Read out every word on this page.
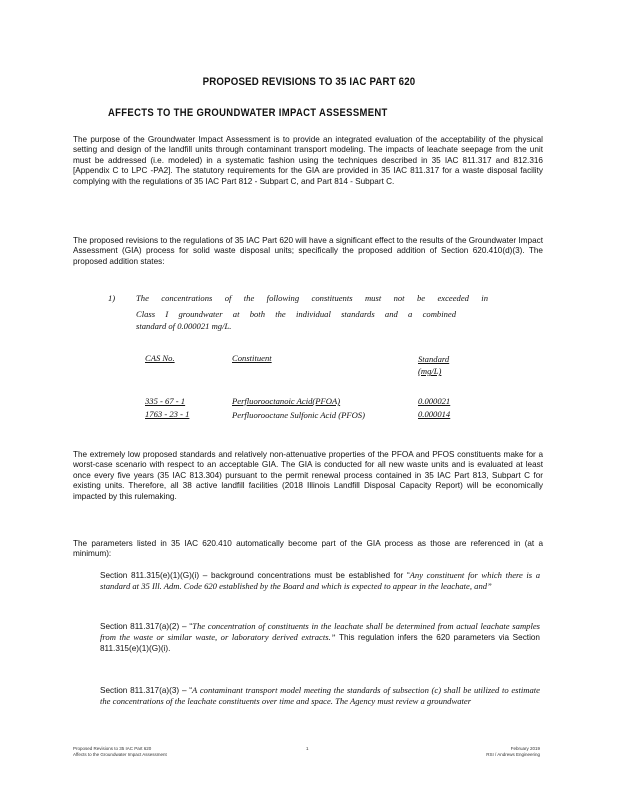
PROPOSED REVISIONS TO 35 IAC PART 620
AFFECTS TO THE GROUNDWATER IMPACT ASSESSMENT

The purpose of the Groundwater Impact Assessment is to provide an integrated evaluation of the acceptability of the physical setting and design of the landfill units through contaminant transport modeling. The impacts of leachate seepage from the unit must be addressed (i.e. modeled) in a systematic fashion using the techniques described in 35 IAC 811.317 and 812.316 [Appendix C to LPC -PA2]. The statutory requirements for the GIA are provided in 35 IAC 811.317 for a waste disposal facility complying with the regulations of 35 IAC Part 812 - Subpart C, and Part 814 - Subpart C.

The proposed revisions to the regulations of 35 IAC Part 620 will have a significant effect to the results of the Groundwater Impact Assessment (GIA) process for solid waste disposal units; specifically the proposed addition of Section 620.410(d)(3). The proposed addition states:

1) The concentrations of the following constituents must not be exceeded in
Class I groundwater at both the individual standards and a combined
standard of 0.000021 mg/L.
CAS No.	Constituent	Standard (mg/L)
335 - 67 - 1	Perfluorooctanoic Acid(PFOA)	0.000021
1763 - 23 - 1	Perfluorooctane Sulfonic Acid (PFOS)	0.000014

The extremely low proposed standards and relatively non-attenuative properties of the PFOA and PFOS constituents make for a worst-case scenario with respect to an acceptable GIA. The GIA is conducted for all new waste units and is evaluated at least once every five years (35 IAC 813.304) pursuant to the permit renewal process contained in 35 IAC Part 813, Subpart C for existing units. Therefore, all 38 active landfill facilities (2018 Illinois Landfill Disposal Capacity Report) will be economically impacted by this rulemaking.

The parameters listed in 35 IAC 620.410 automatically become part of the GIA process as those are referenced in (at a minimum):

Section 811.315(e)(1)(G)(i) – background concentrations must be established for “Any constituent for which there is a standard at 35 Ill. Adm. Code 620 established by the Board and which is expected to appear in the leachate, and”

Section 811.317(a)(2) – “The concentration of constituents in the leachate shall be determined from actual leachate samples from the waste or similar waste, or laboratory derived extracts.” This regulation infers the 620 parameters via Section 811.315(e)(1)(G)(i).

Section 811.317(a)(3) – “A contaminant transport model meeting the standards of subsection (c) shall be utilized to estimate the concentrations of the leachate constituents over time and space. The Agency must review a groundwater

Proposed Revisions to 35 IAC Part 620
Affects to the Groundwater Impact Assessment
1	February 2019
RSI / Andrews Engineering
